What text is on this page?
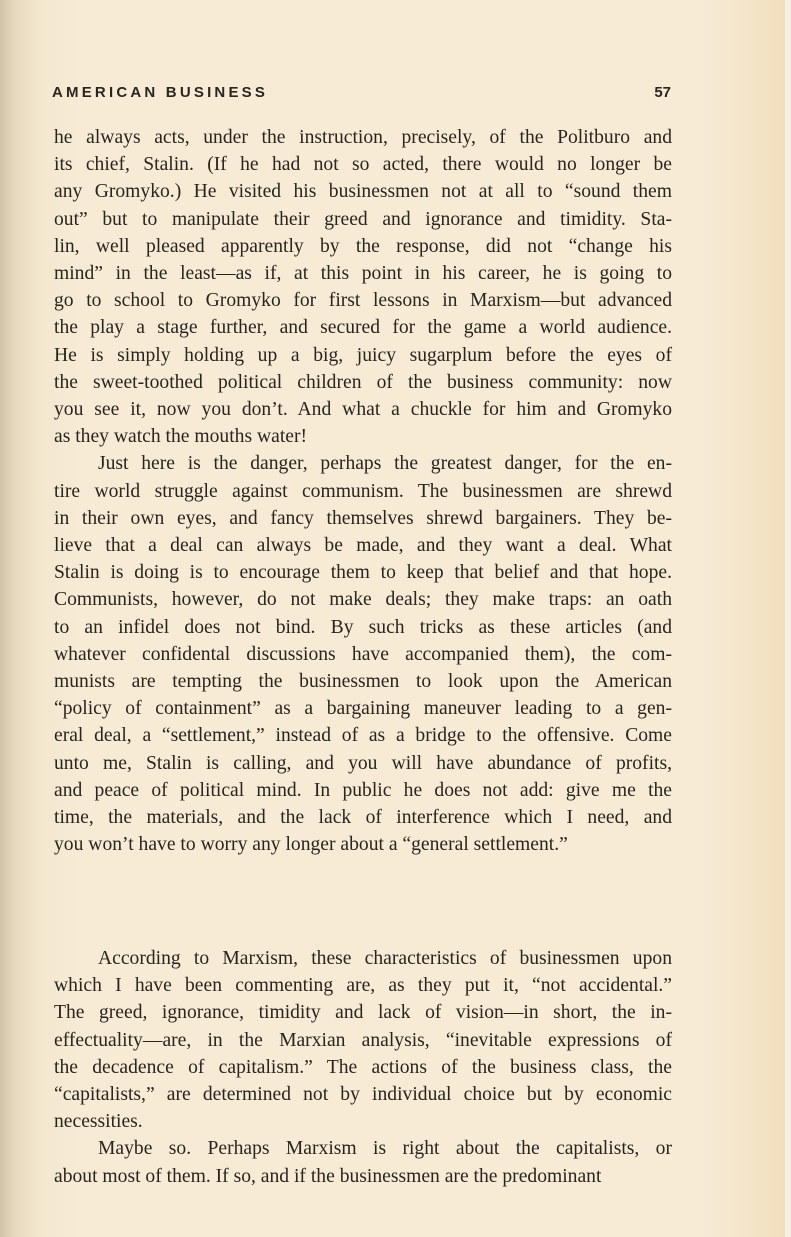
AMERICAN BUSINESS	57

he always acts, under the instruction, precisely, of the Politburo and
its chief, Stalin. (If he had not so acted, there would no longer be
any Gromyko.) He visited his businessmen not at all to “sound them
out” but to manipulate their greed and ignorance and timidity. Sta-
lin, well pleased apparently by the response, did not “change his
mind” in the least—as if, at this point in his career, he is going to
go to school to Gromyko for first lessons in Marxism—but advanced
the play a stage further, and secured for the game a world audience.
He is simply holding up a big, juicy sugarplum before the eyes of
the sweet-toothed political children of the business community: now
you see it, now you don’t. And what a chuckle for him and Gromyko
as they watch the mouths water!

Just here is the danger, perhaps the greatest danger, for the en-
tire world struggle against communism. The businessmen are shrewd
in their own eyes, and fancy themselves shrewd bargainers. They be-
lieve that a deal can always be made, and they want a deal. What
Stalin is doing is to encourage them to keep that belief and that hope.
Communists, however, do not make deals; they make traps: an oath
to an infidel does not bind. By such tricks as these articles (and
whatever confidental discussions have accompanied them), the com-
munists are tempting the businessmen to look upon the American
“policy of containment” as a bargaining maneuver leading to a gen-
eral deal, a “settlement,” instead of as a bridge to the offensive. Come
unto me, Stalin is calling, and you will have abundance of profits,
and peace of political mind. In public he does not add: give me the
time, the materials, and the lack of interference which I need, and
you won’t have to worry any longer about a “general settlement.”

According to Marxism, these characteristics of businessmen upon
which I have been commenting are, as they put it, “not accidental.”
The greed, ignorance, timidity and lack of vision—in short, the in-
effectuality—are, in the Marxian analysis, “inevitable expressions of
the decadence of capitalism.” The actions of the business class, the
“capitalists,” are determined not by individual choice but by economic
necessities.

Maybe so. Perhaps Marxism is right about the capitalists, or
about most of them. If so, and if the businessmen are the predominant
